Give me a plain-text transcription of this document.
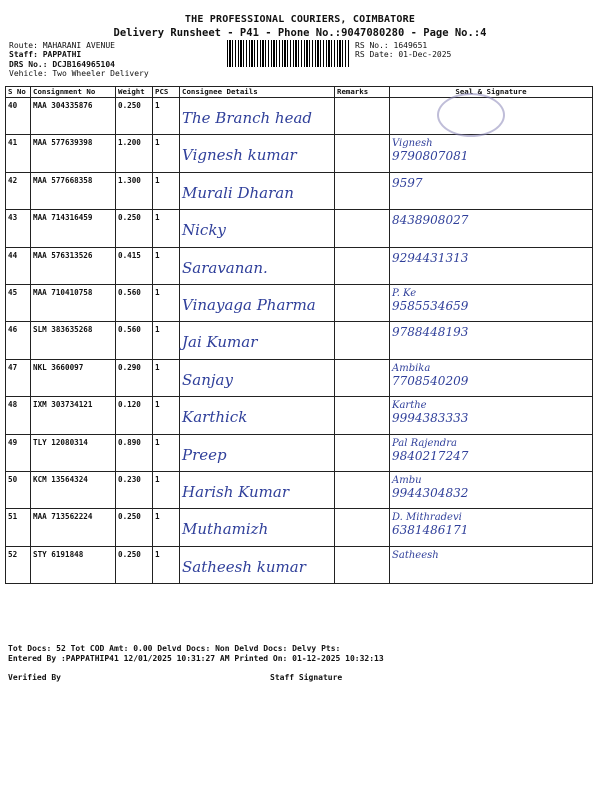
THE PROFESSIONAL COURIERS, COIMBATORE
Delivery Runsheet - P41 - Phone No.:9047080280 - Page No.:4
Route: MAHARANI AVENUE
Staff: PAPPATHI
DRS No.: DCJB164965104
Vehicle: Two Wheeler Delivery
RS No.: 1649651
RS Date: 01-Dec-2025
S No	Consignment No	Weight	PCS	Consignee Details	Remarks	Seal & Signature
40	MAA 304335876	0.250	1	The Branch head		

41	MAA 577639398	1.200	1	Vignesh kumar		Vignesh
9790807081

42	MAA 577668358	1.300	1	Murali Dharan		9597

43	MAA 714316459	0.250	1	Nicky		8438908027

44	MAA 576313526	0.415	1	Saravanan.		9294431313

45	MAA 710410758	0.560	1	Vinayaga Pharma		P. Ke
9585534659

46	SLM 383635268	0.560	1	Jai Kumar		9788448193

47	NKL 3660097	0.290	1	Sanjay		Ambika
7708540209

48	IXM 303734121	0.120	1	Karthick		Karthe
9994383333

49	TLY 12080314	0.890	1	Preep		Pal Rajendra
9840217247

50	KCM 13564324	0.230	1	Harish Kumar		Ambu
9944304832

51	MAA 713562224	0.250	1	Muthamizh		D. Mithradevi
6381486171

52	STY 6191848	0.250	1	Satheesh kumar		Satheesh
Tot Docs: 52 Tot COD Amt: 0.00 Delvd Docs: Non Delvd Docs: Delvy Pts:
Entered By :PAPPATHIP41 12/01/2025 10:31:27 AM Printed On: 01-12-2025 10:32:13
Verified By	Staff Signature
